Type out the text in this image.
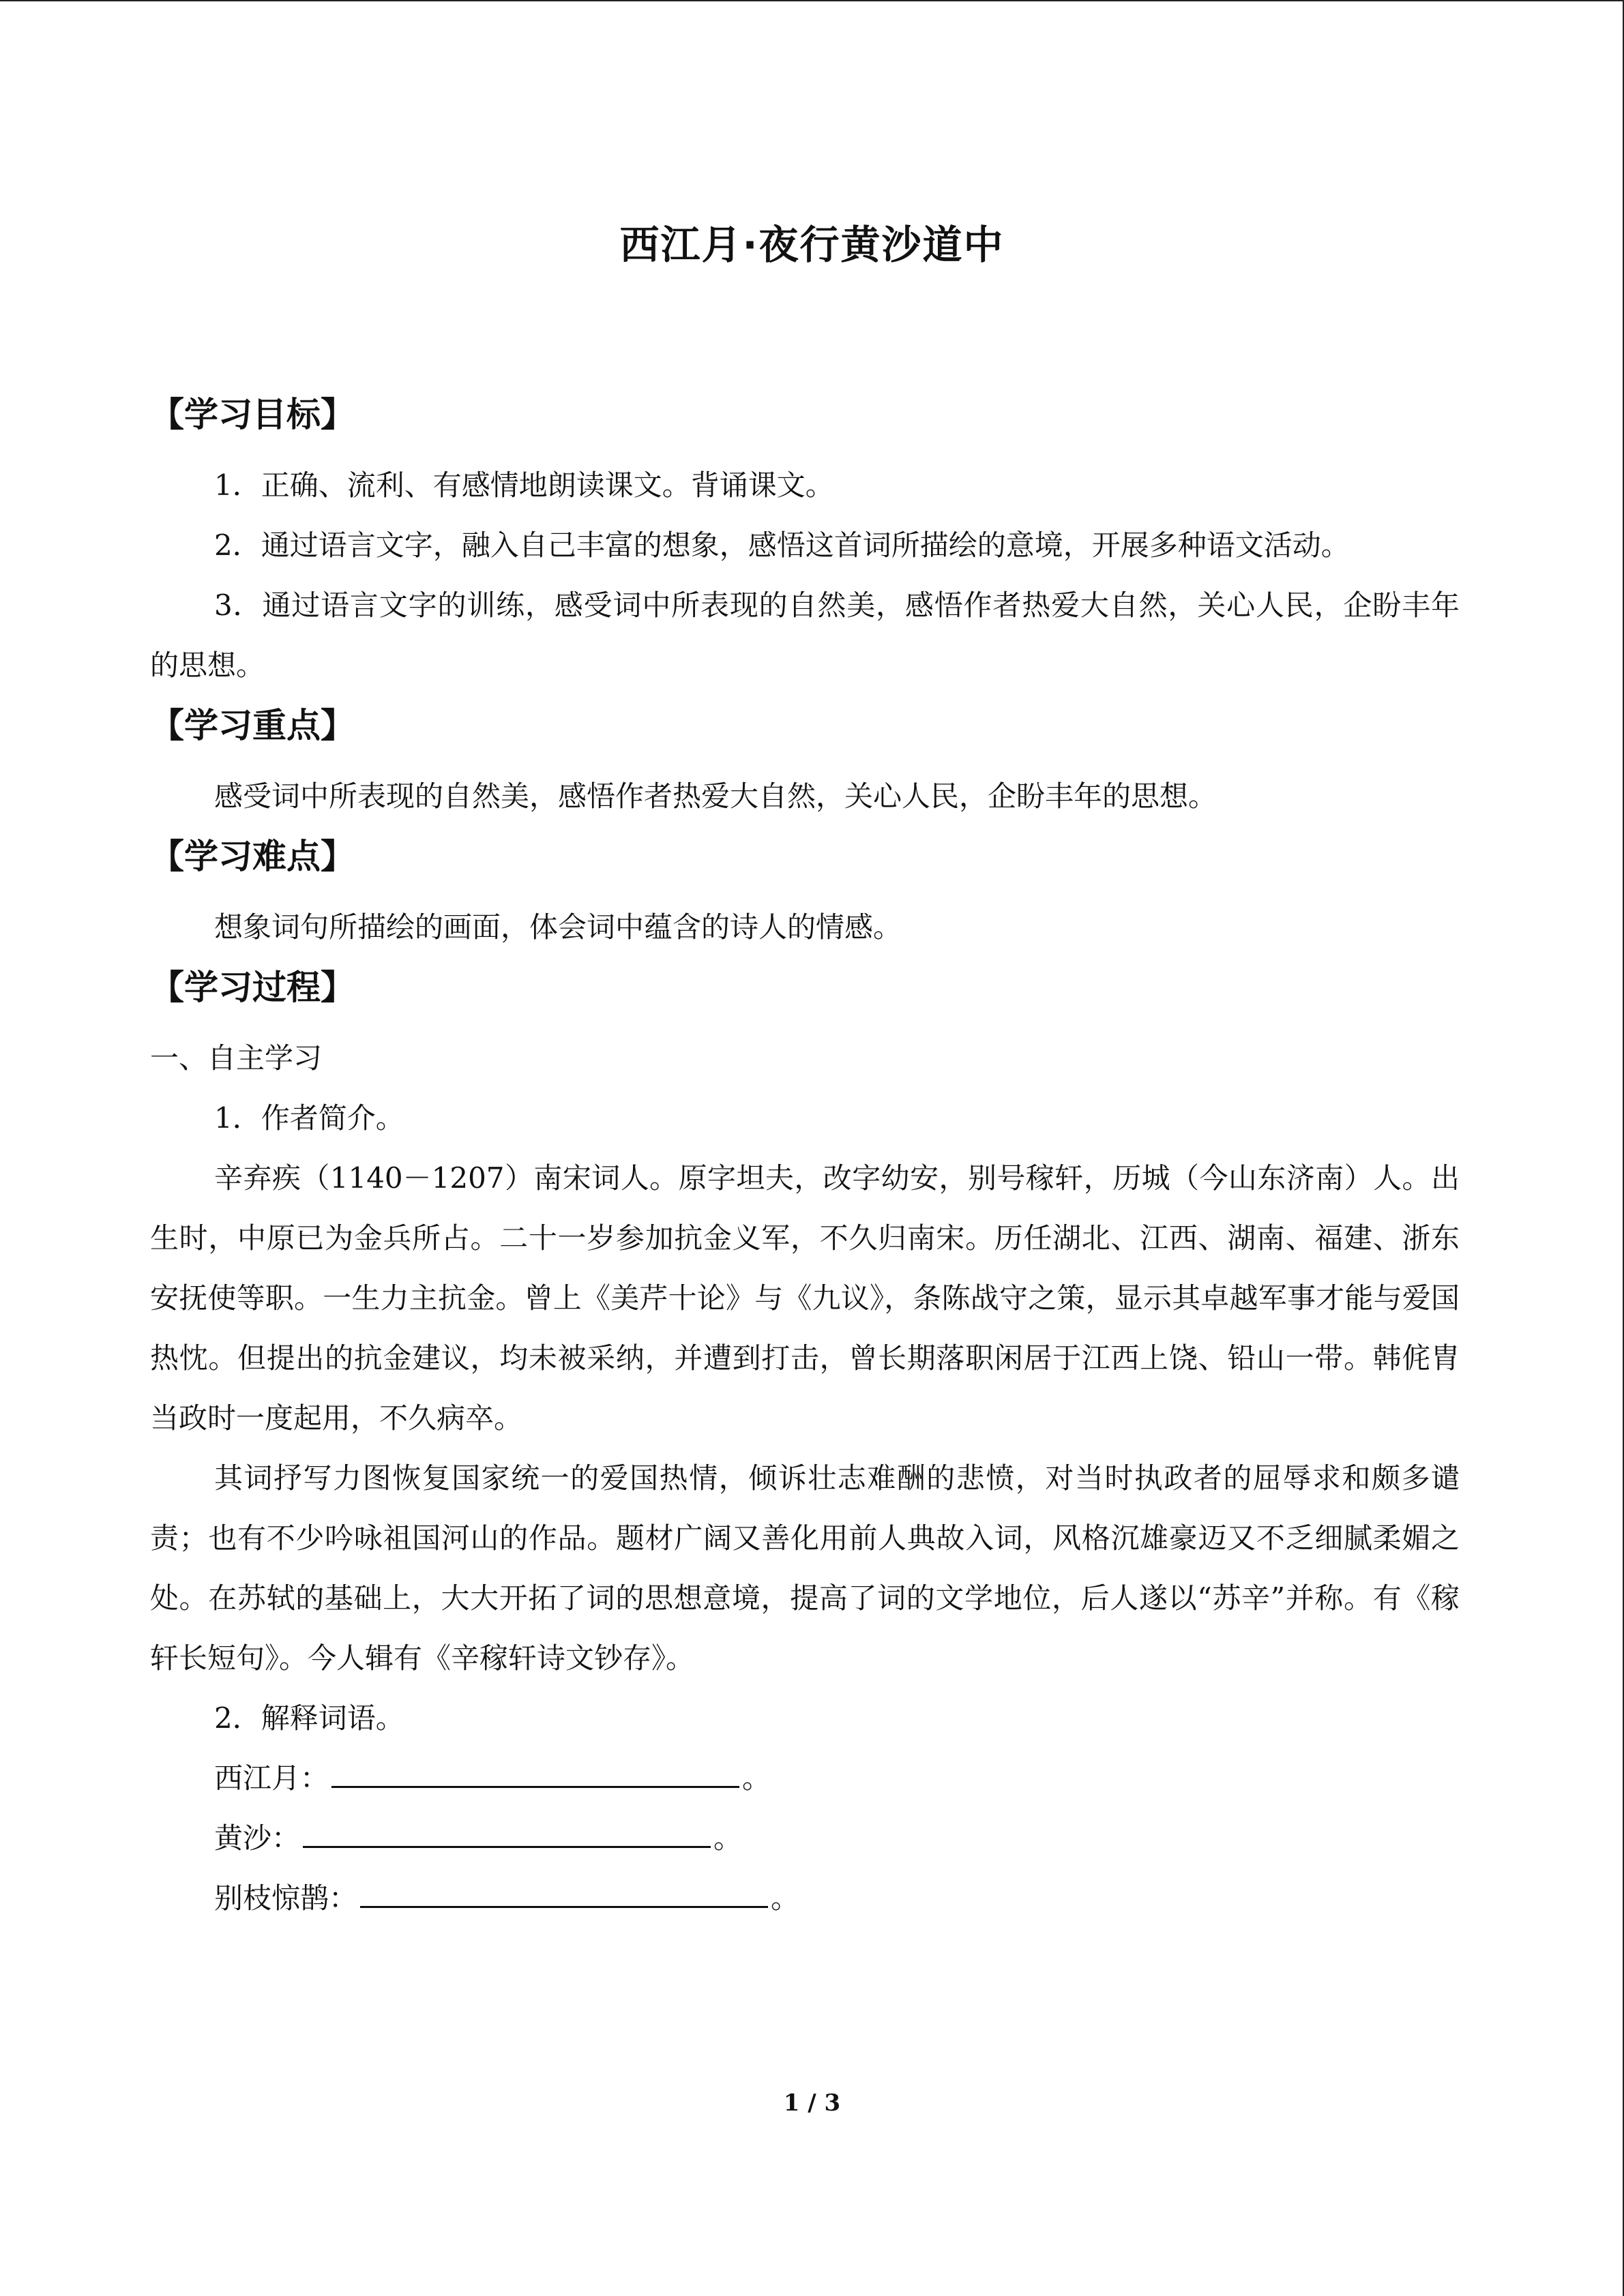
西江月·夜行黄沙道中
【学习目标】

1．正确、流利、有感情地朗读课文。背诵课文。

2．通过语言文字，融入自己丰富的想象，感悟这首词所描绘的意境，开展多种语文活动。

3．通过语言文字的训练，感受词中所表现的自然美，感悟作者热爱大自然，关心人民，企盼丰年的思想。

【学习重点】

感受词中所表现的自然美，感悟作者热爱大自然，关心人民，企盼丰年的思想。

【学习难点】

想象词句所描绘的画面，体会词中蕴含的诗人的情感。

【学习过程】

一、自主学习

1．作者简介。

辛弃疾（1140－1207）南宋词人。原字坦夫，改字幼安，别号稼轩，历城（今山东济南）人。出生时，中原已为金兵所占。二十一岁参加抗金义军，不久归南宋。历任湖北、江西、湖南、福建、浙东安抚使等职。一生力主抗金。曾上《美芹十论》与《九议》，条陈战守之策，显示其卓越军事才能与爱国热忱。但提出的抗金建议，均未被采纳，并遭到打击，曾长期落职闲居于江西上饶、铅山一带。韩侂胄当政时一度起用，不久病卒。

其词抒写力图恢复国家统一的爱国热情，倾诉壮志难酬的悲愤，对当时执政者的屈辱求和颇多谴责；也有不少吟咏祖国河山的作品。题材广阔又善化用前人典故入词，风格沉雄豪迈又不乏细腻柔媚之处。在苏轼的基础上，大大开拓了词的思想意境，提高了词的文学地位，后人遂以“苏辛”并称。有《稼轩长短句》。今人辑有《辛稼轩诗文钞存》。

2．解释词语。

西江月：	。

黄沙：	。

别枝惊鹊：	。

1 / 3
